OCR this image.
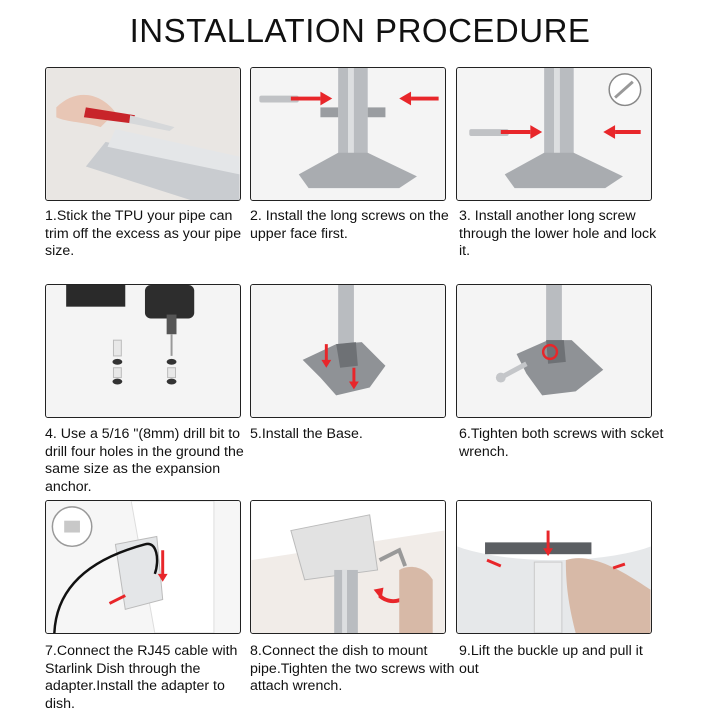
INSTALLATION PROCEDURE
1.Stick the TPU your pipe can trim off the excess as your pipe size.
2. Install the long screws on the upper face first.
3. Install another long screw through the lower hole and lock it.
4. Use a 5/16 "(8mm) drill bit to drill four holes in the ground the same size as the expansion anchor.
5.Install the Base.	6.Tighten both screws with scket wrench.
7.Connect the RJ45 cable with Starlink Dish through the adapter.Install the adapter to dish.
8.Connect the dish to mount pipe.Tighten the two screws with attach wrench.
9.Lift the buckle up and pull it out
